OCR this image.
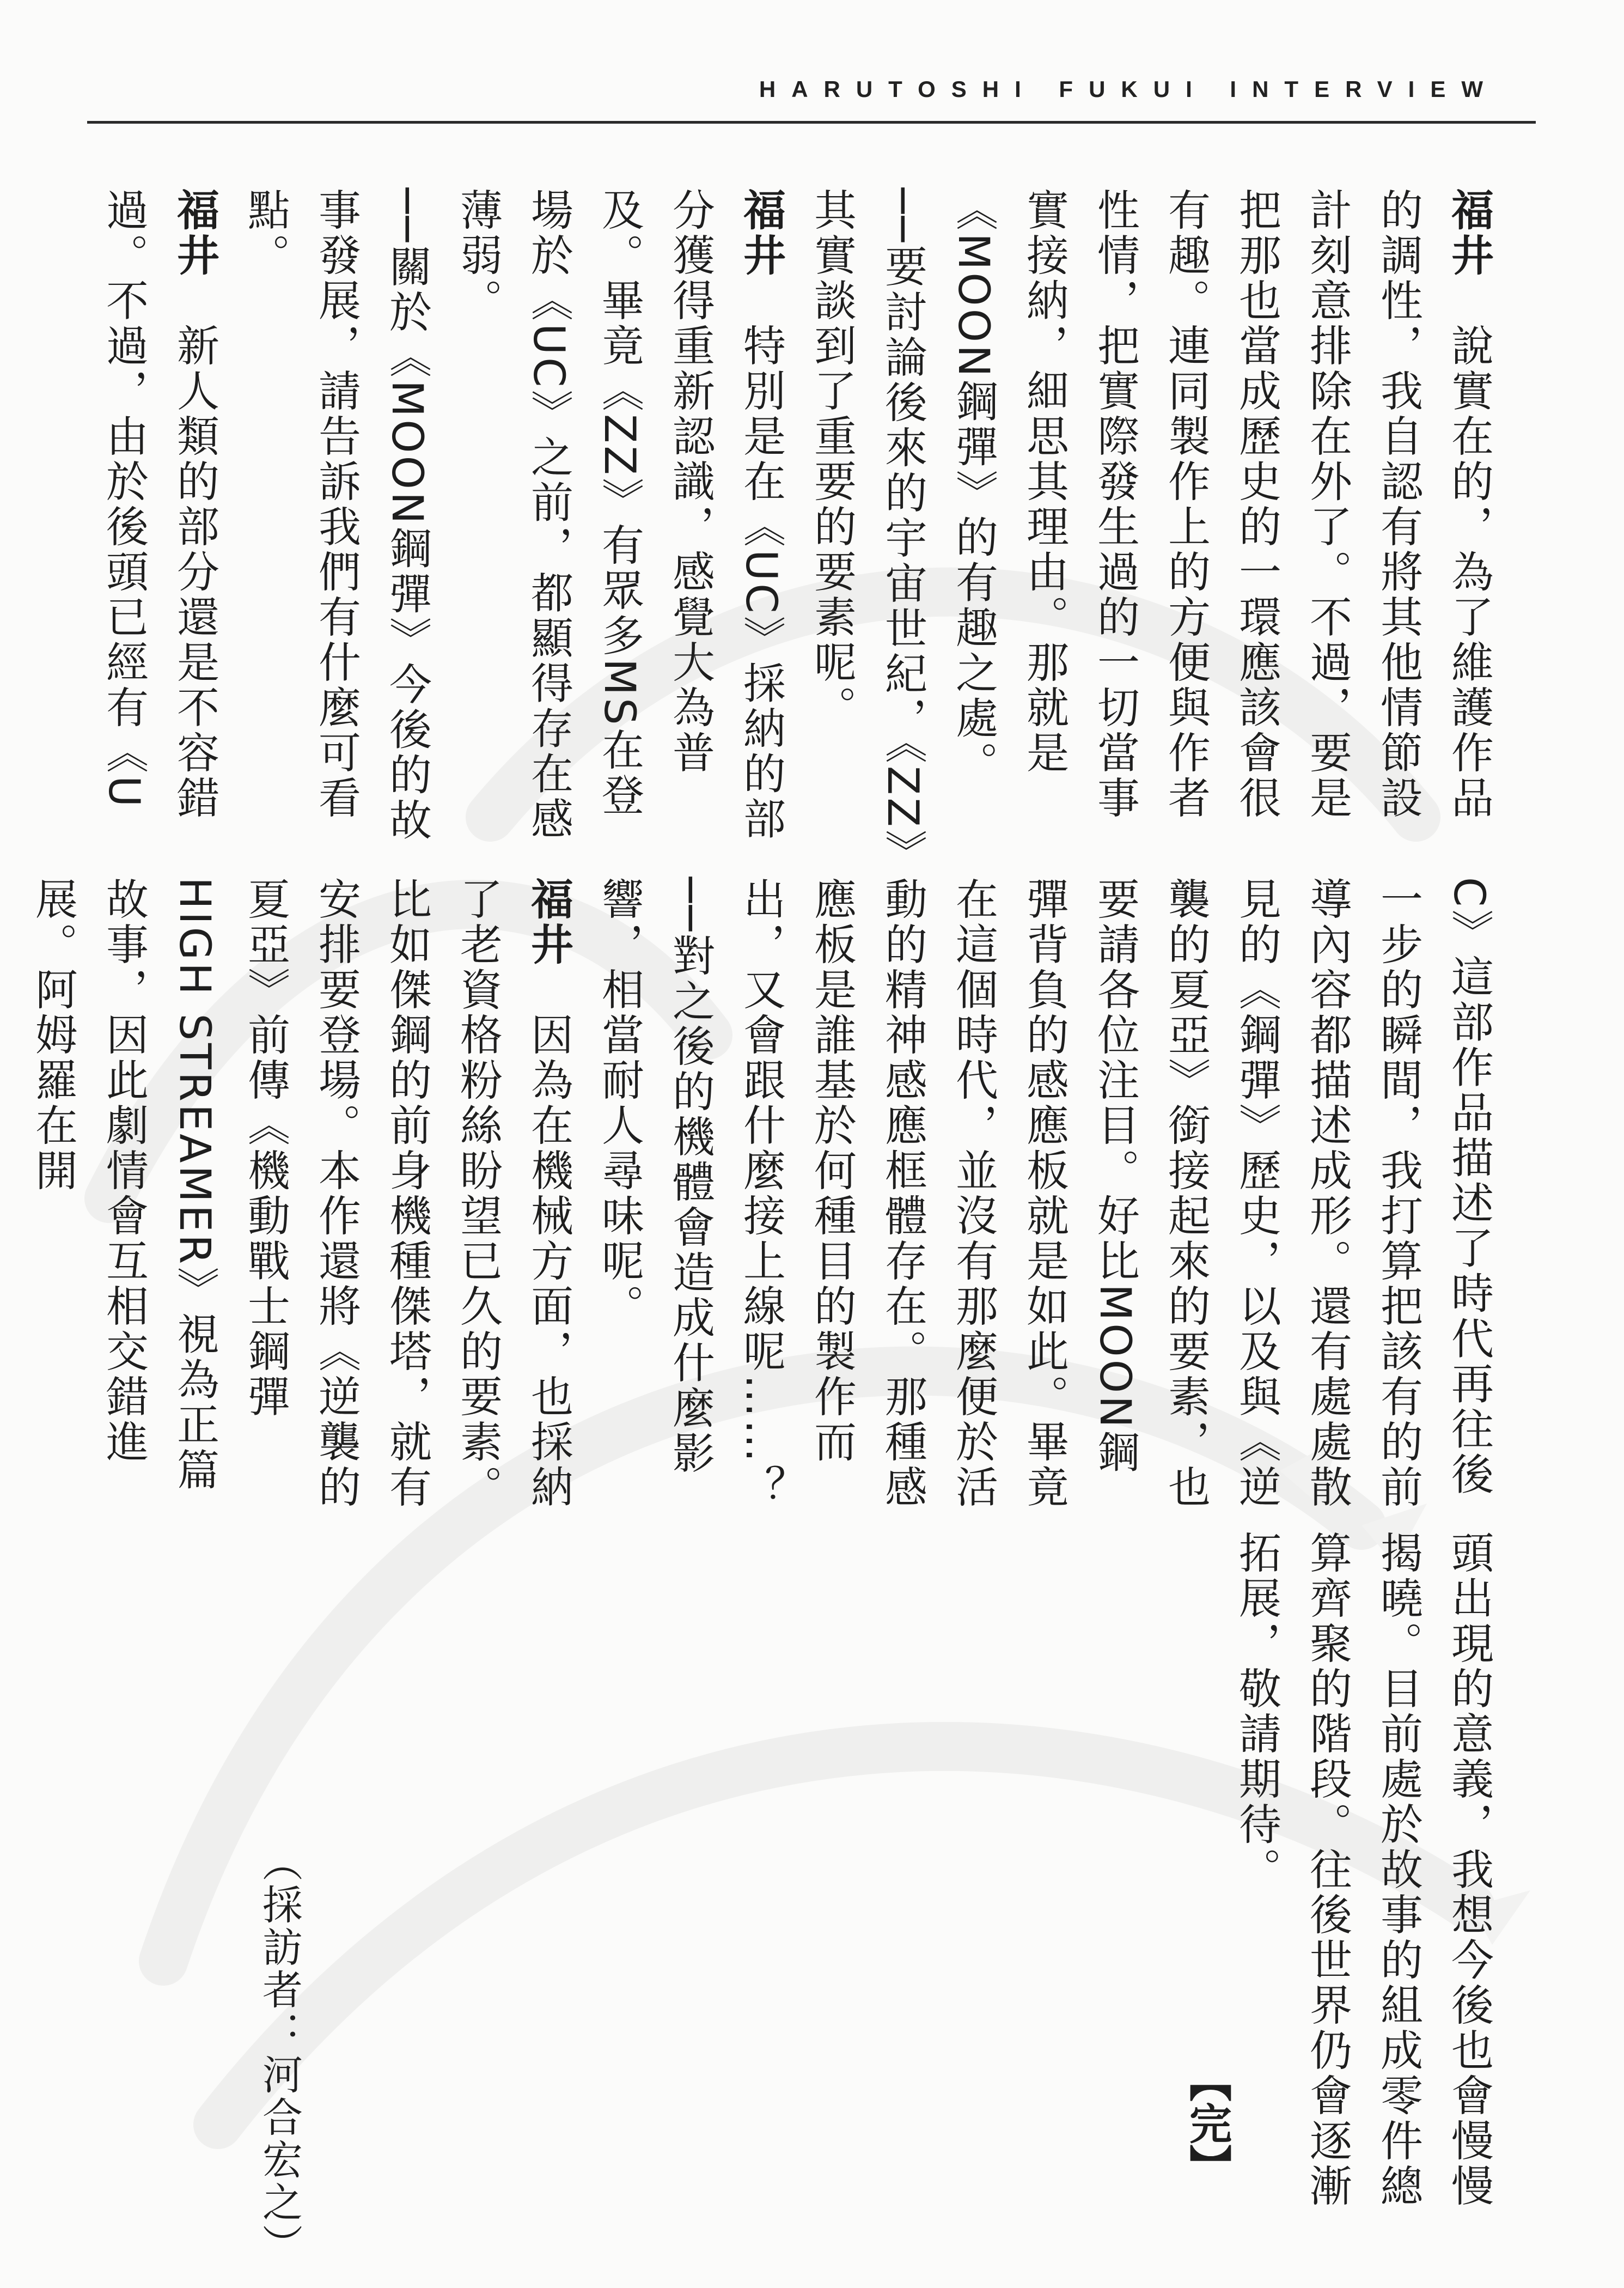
HARUTOSHI FUKUI INTERVIEW

福井　說實在的，為了維護作品的調性，我自認有將其他情節設計刻意排除在外了。不過，要是把那也當成歷史的一環應該會很有趣。連同製作上的方便與作者性情，把實際發生過的一切當事實接納，細思其理由。那就是《MOON鋼彈》的有趣之處。

──要討論後來的宇宙世紀，《ZZ》其實談到了重要的要素呢。

福井　特別是在《UC》採納的部分獲得重新認識，感覺大為普及。畢竟《ZZ》有眾多MS在登場於《UC》之前，都顯得存在感薄弱。

──關於《MOON鋼彈》今後的故事發展，請告訴我們有什麼可看點。

福井　新人類的部分還是不容錯過。不過，由於後頭已經有《U

C》這部作品描述了時代再往後一步的瞬間，我打算把該有的前導內容都描述成形。還有處處散見的《鋼彈》歷史，以及與《逆襲的夏亞》銜接起來的要素，也要請各位注目。好比MOON鋼彈背負的感應板就是如此。畢竟在這個時代，並沒有那麼便於活動的精神感應框體存在。那種感應板是誰基於何種目的製作而出，又會跟什麼接上線呢……？

──對之後的機體會造成什麼影響，相當耐人尋味呢。

福井　因為在機械方面，也採納了老資格粉絲盼望已久的要素。比如傑鋼的前身機種傑塔，就有安排要登場。本作還將《逆襲的夏亞》前傳《機動戰士鋼彈HIGH STREAMER》視為正篇故事，因此劇情會互相交錯進展。阿姆羅在開

頭出現的意義，我想今後也會慢慢揭曉。目前處於故事的組成零件總算齊聚的階段。往後世界仍會逐漸拓展，敬請期待。

【完】
（採訪者：河合宏之）
